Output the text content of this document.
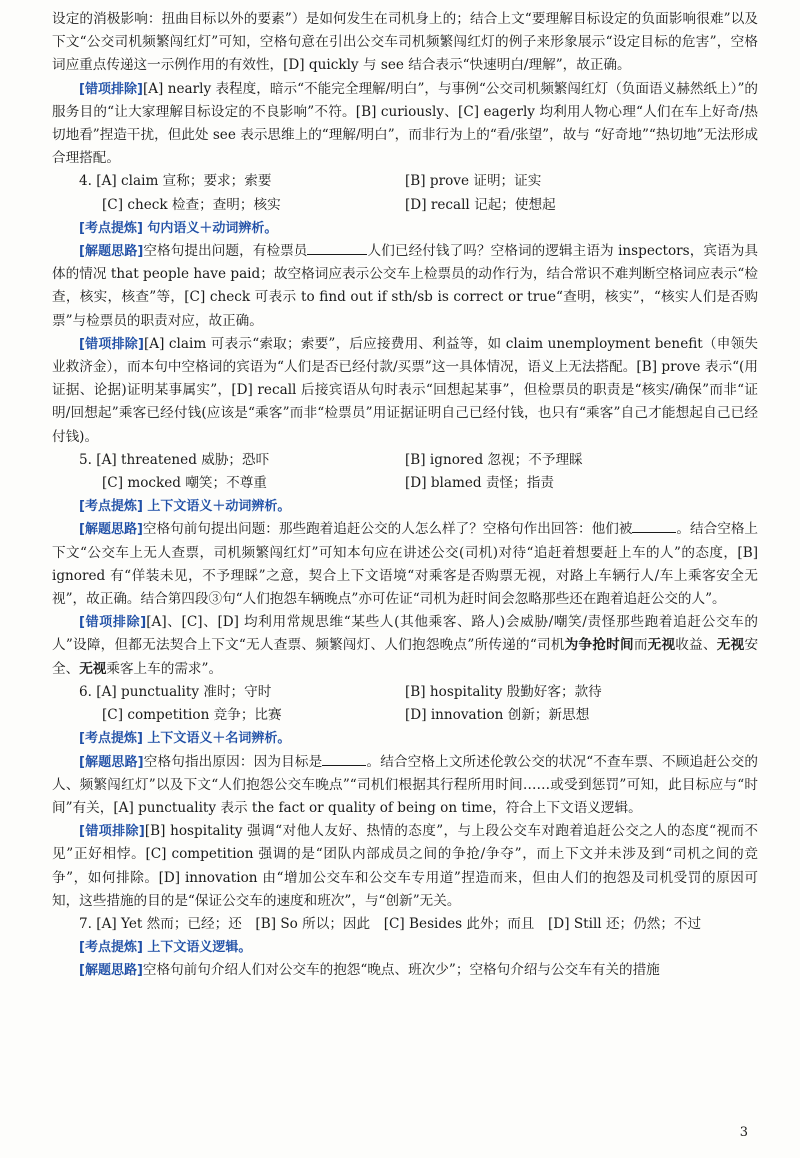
设定的消极影响：扭曲目标以外的要素”）是如何发生在司机身上的；结合上文“要理解目标设定的负面影响很难”以及下文“公交司机频繁闯红灯”可知，空格句意在引出公交车司机频繁闯红灯的例子来形象展示“设定目标的危害”，空格词应重点传递这一示例作用的有效性，[D] quickly 与 see 结合表示“快速明白/理解”，故正确。

[错项排除][A] nearly 表程度，暗示“不能完全理解/明白”，与事例“公交司机频繁闯红灯（负面语义赫然纸上）”的服务目的“让大家理解目标设定的不良影响”不符。[B] curiously、[C] eagerly 均利用人物心理“人们在车上好奇/热切地看”捏造干扰，但此处 see 表示思维上的“理解/明白”，而非行为上的“看/张望”，故与 “好奇地”“热切地”无法形成合理搭配。

4. [A] claim 宣称；要求；索要	[B] prove 证明；证实
[C] check 检查；查明；核实	[D] recall 记起；使想起

[考点提炼] 句内语义＋动词辨析。

[解题思路]空格句提出问题，有检票员	人们已经付钱了吗？空格词的逻辑主语为 inspectors，宾语为具体的情况 that people have paid；故空格词应表示公交车上检票员的动作行为，结合常识不难判断空格词应表示“检查，核实，核查”等，[C] check 可表示 to find out if sth/sb is correct or true“查明，核实”，“核实人们是否购票”与检票员的职责对应，故正确。

[错项排除][A] claim 可表示“索取；索要”，后应接费用、利益等，如 claim unemployment benefit（申领失业救济金），而本句中空格词的宾语为“人们是否已经付款/买票”这一具体情况，语义上无法搭配。[B] prove 表示“(用证据、论据)证明某事属实”，[D] recall 后接宾语从句时表示“回想起某事”，但检票员的职责是“核实/确保”而非“证明/回想起”乘客已经付钱(应该是“乘客”而非“检票员”用证据证明自己已经付钱，也只有“乘客”自己才能想起自己已经付钱)。

5. [A] threatened 威胁；恐吓	[B] ignored 忽视；不予理睬
[C] mocked 嘲笑；不尊重	[D] blamed 责怪；指责

[考点提炼] 上下文语义＋动词辨析。

[解题思路]空格句前句提出问题：那些跑着追赶公交的人怎么样了？空格句作出回答：他们被	。结合空格上下文“公交车上无人查票，司机频繁闯红灯”可知本句应在讲述公交(司机)对待“追赶着想要赶上车的人”的态度，[B] ignored 有“佯装未见，不予理睬”之意，契合上下文语境“对乘客是否购票无视，对路上车辆行人/车上乘客安全无视”，故正确。结合第四段③句“人们抱怨车辆晚点”亦可佐证“司机为赶时间会忽略那些还在跑着追赶公交的人”。

[错项排除][A]、[C]、[D] 均利用常规思维“某些人(其他乘客、路人)会威胁/嘲笑/责怪那些跑着追赶公交车的人”设障，但都无法契合上下文“无人查票、频繁闯灯、人们抱怨晚点”所传递的“司机为争抢时间而无视收益、无视安全、无视乘客上车的需求”。

6. [A] punctuality 准时；守时	[B] hospitality 殷勤好客；款待
[C] competition 竞争；比赛	[D] innovation 创新；新思想

[考点提炼] 上下文语义＋名词辨析。

[解题思路]空格句指出原因：因为目标是	。结合空格上文所述伦敦公交的状况“不查车票、不顾追赶公交的人、频繁闯红灯”以及下文“人们抱怨公交车晚点”“司机们根据其行程所用时间……或受到惩罚”可知，此目标应与“时间”有关，[A] punctuality 表示 the fact or quality of being on time，符合上下文语义逻辑。

[错项排除][B] hospitality 强调“对他人友好、热情的态度”，与上段公交车对跑着追赶公交之人的态度“视而不见”正好相悖。[C] competition 强调的是“团队内部成员之间的争抢/争夺”，而上下文并未涉及到“司机之间的竞争”，如何排除。[D] innovation 由“增加公交车和公交车专用道”捏造而来，但由人们的抱怨及司机受罚的原因可知，这些措施的目的是“保证公交车的速度和班次”，与“创新”无关。

7. [A] Yet 然而；已经；还　[B] So 所以；因此　[C] Besides 此外；而且　[D] Still 还；仍然；不过

[考点提炼] 上下文语义逻辑。

[解题思路]空格句前句介绍人们对公交车的抱怨“晚点、班次少”；空格句介绍与公交车有关的措施

3
